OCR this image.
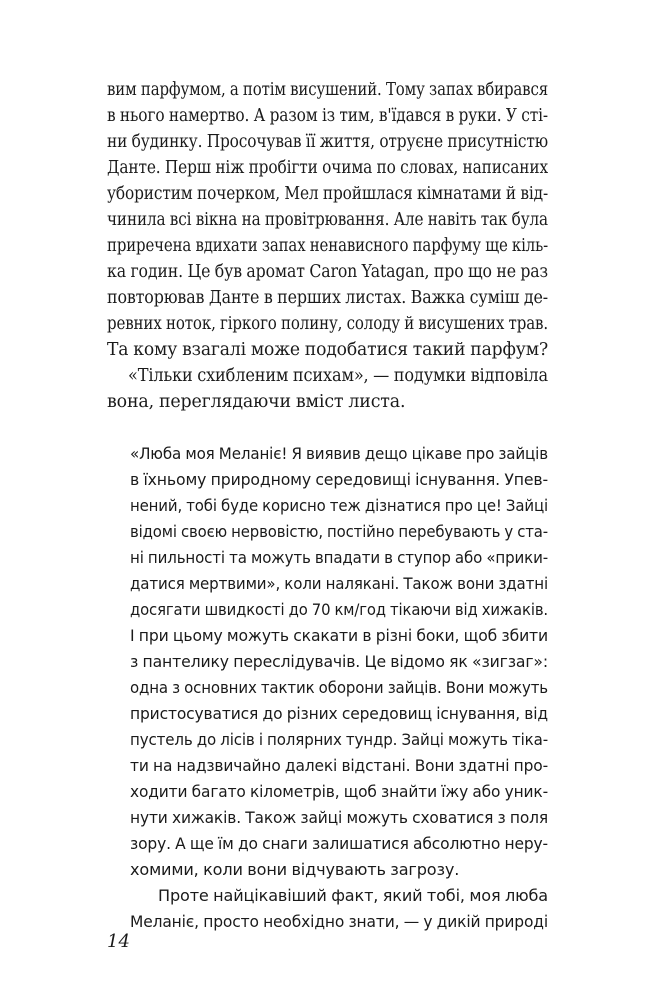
вим парфумом, а потім висушений. Тому запах вбирався

в нього намертво. А разом із тим, в'їдався в руки. У сті-

ни будинку. Просочував її життя, отруєне присутністю

Данте. Перш ніж пробігти очима по словах, написаних

убористим почерком, Мел пройшлася кімнатами й від-

чинила всі вікна на провітрювання. Але навіть так була

приречена вдихати запах ненависного парфуму ще кіль-

ка годин. Це був аромат Caron Yatagan, про що не раз

повторював Данте в перших листах. Важка суміш де-

ревних ноток, гіркого полину, солоду й висушених трав.

Та кому взагалі може подобатися такий парфум?

«Тільки схибленим психам», — подумки відповіла

вона, переглядаючи вміст листа.

«Люба моя Меланіє! Я виявив дещо цікаве про зайців

в їхньому природному середовищі існування. Упев-

нений, тобі буде корисно теж дізнатися про це! Зайці

відомі своєю нервовістю, постійно перебувають у ста-

ні пильності та можуть впадати в ступор або «прики-

датися мертвими», коли налякані. Також вони здатні

досягати швидкості до 70 км/год тікаючи від хижаків.

І при цьому можуть скакати в різні боки, щоб збити

з пантелику переслідувачів. Це відомо як «зигзаг»:

одна з основних тактик оборони зайців. Вони можуть

пристосуватися до різних середовищ існування, від

пустель до лісів і полярних тундр. Зайці можуть тіка-

ти на надзвичайно далекі відстані. Вони здатні про-

ходити багато кілометрів, щоб знайти їжу або уник-

нути хижаків. Також зайці можуть сховатися з поля

зору. А ще їм до снаги залишатися абсолютно нeру-

хомими, коли вони відчувають загрозу.

Проте найцікавіший факт, який тобі, моя люба

Меланіє, просто необхідно знати, — у дикій природі

14
